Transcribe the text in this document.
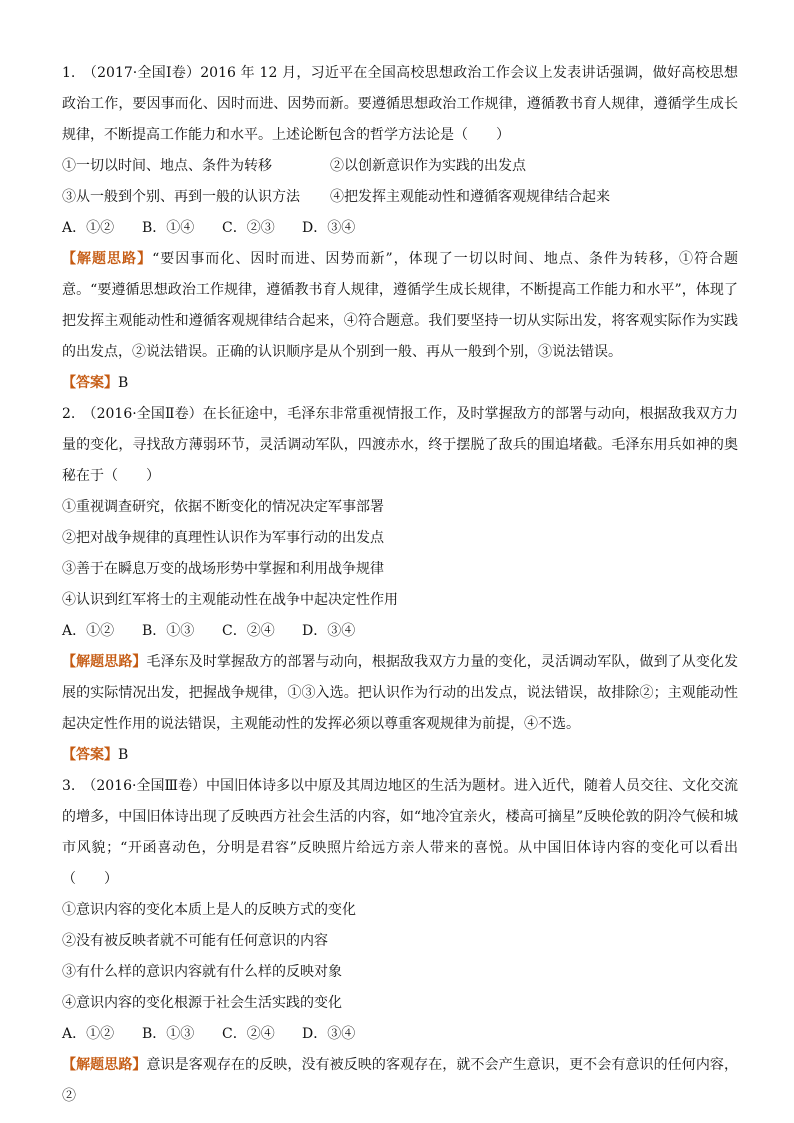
1.　（2017·全国Ⅰ卷）2016 年 12 月，习近平在全国高校思想政治工作会议上发表讲话强调，做好高校思想政治工作，要因事而化、因时而进、因势而新。要遵循思想政治工作规律，遵循教书育人规律，遵循学生成长规律，不断提高工作能力和水平。上述论断包含的哲学方法论是（　　）

①一切以时间、地点、条件为转移	②以创新意识作为实践的出发点

③从一般到个别、再到一般的认识方法 ④把发挥主观能动性和遵循客观规律结合起来

A．①② B．①④ C．②③ D．③④

【解题思路】“要因事而化、因时而进、因势而新”，体现了一切以时间、地点、条件为转移，①符合题意。“要遵循思想政治工作规律，遵循教书育人规律，遵循学生成长规律，不断提高工作能力和水平”，体现了把发挥主观能动性和遵循客观规律结合起来，④符合题意。我们要坚持一切从实际出发，将客观实际作为实践的出发点，②说法错误。正确的认识顺序是从个别到一般、再从一般到个别，③说法错误。

【答案】B

2.　（2016·全国Ⅱ卷）在长征途中，毛泽东非常重视情报工作，及时掌握敌方的部署与动向，根据敌我双方力量的变化，寻找敌方薄弱环节，灵活调动军队，四渡赤水，终于摆脱了敌兵的围追堵截。毛泽东用兵如神的奥秘在于（　　）

①重视调查研究，依据不断变化的情况决定军事部署

②把对战争规律的真理性认识作为军事行动的出发点

③善于在瞬息万变的战场形势中掌握和利用战争规律

④认识到红军将士的主观能动性在战争中起决定性作用

A．①② B．①③ C．②④ D．③④

【解题思路】毛泽东及时掌握敌方的部署与动向，根据敌我双方力量的变化，灵活调动军队，做到了从变化发展的实际情况出发，把握战争规律，①③入选。把认识作为行动的出发点，说法错误，故排除②；主观能动性起决定性作用的说法错误，主观能动性的发挥必须以尊重客观规律为前提，④不选。

【答案】B

3.　（2016·全国Ⅲ卷）中国旧体诗多以中原及其周边地区的生活为题材。进入近代，随着人员交往、文化交流的增多，中国旧体诗出现了反映西方社会生活的内容，如“地冷宜亲火，楼高可摘星”反映伦敦的阴冷气候和城市风貌；“开函喜动色，分明是君容”反映照片给远方亲人带来的喜悦。从中国旧体诗内容的变化可以看出（　　）

①意识内容的变化本质上是人的反映方式的变化

②没有被反映者就不可能有任何意识的内容

③有什么样的意识内容就有什么样的反映对象

④意识内容的变化根源于社会生活实践的变化

A．①② B．①③ C．②④ D．③④

【解题思路】意识是客观存在的反映，没有被反映的客观存在，就不会产生意识，更不会有意识的任何内容，②
